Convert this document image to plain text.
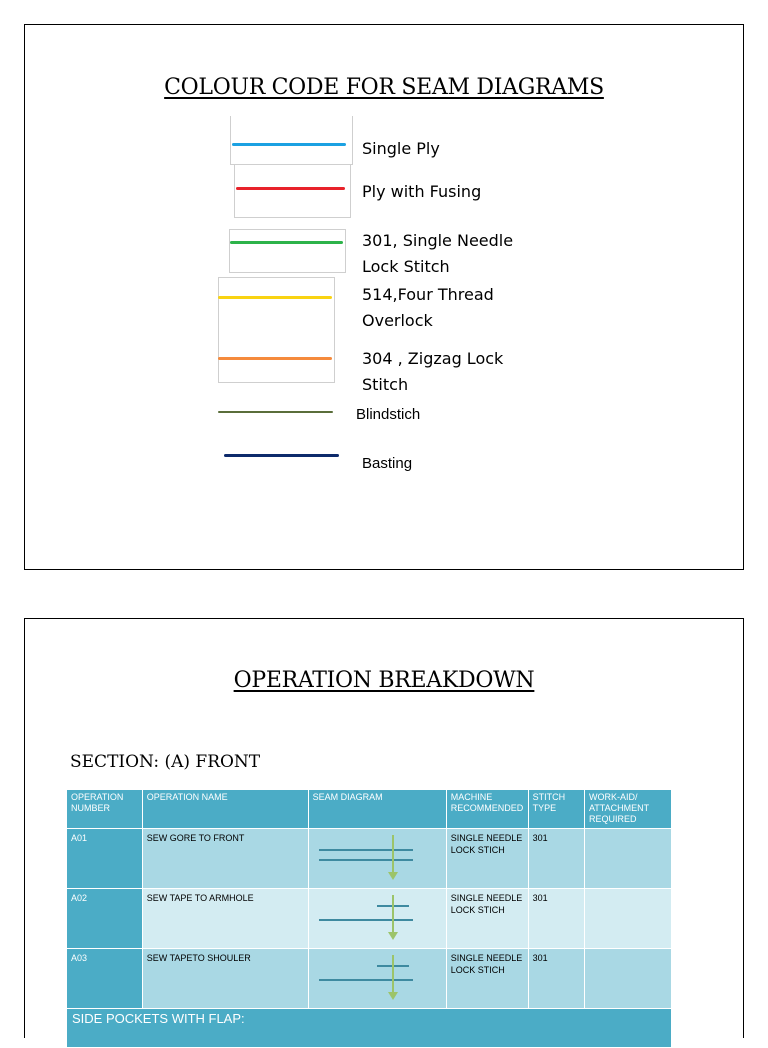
COLOUR CODE FOR SEAM DIAGRAMS
Single Ply
Ply with Fusing
301, Single Needle
Lock Stitch
514,Four Thread
Overlock
304 , Zigzag Lock
Stitch
Blindstich
Basting
OPERATION BREAKDOWN
SECTION: (A) FRONT
OPERATION NUMBER	OPERATION NAME	SEAM DIAGRAM	MACHINE RECOMMENDED	STITCH TYPE	WORK-AID/ ATTACHMENT REQUIRED
A01	SEW GORE TO FRONT		SINGLE NEEDLE LOCK STICH	301	
A02	SEW TAPE TO ARMHOLE		SINGLE NEEDLE LOCK STICH	301	
A03	SEW TAPETO SHOULER		SINGLE NEEDLE LOCK STICH	301	
SIDE POCKETS WITH FLAP:					
